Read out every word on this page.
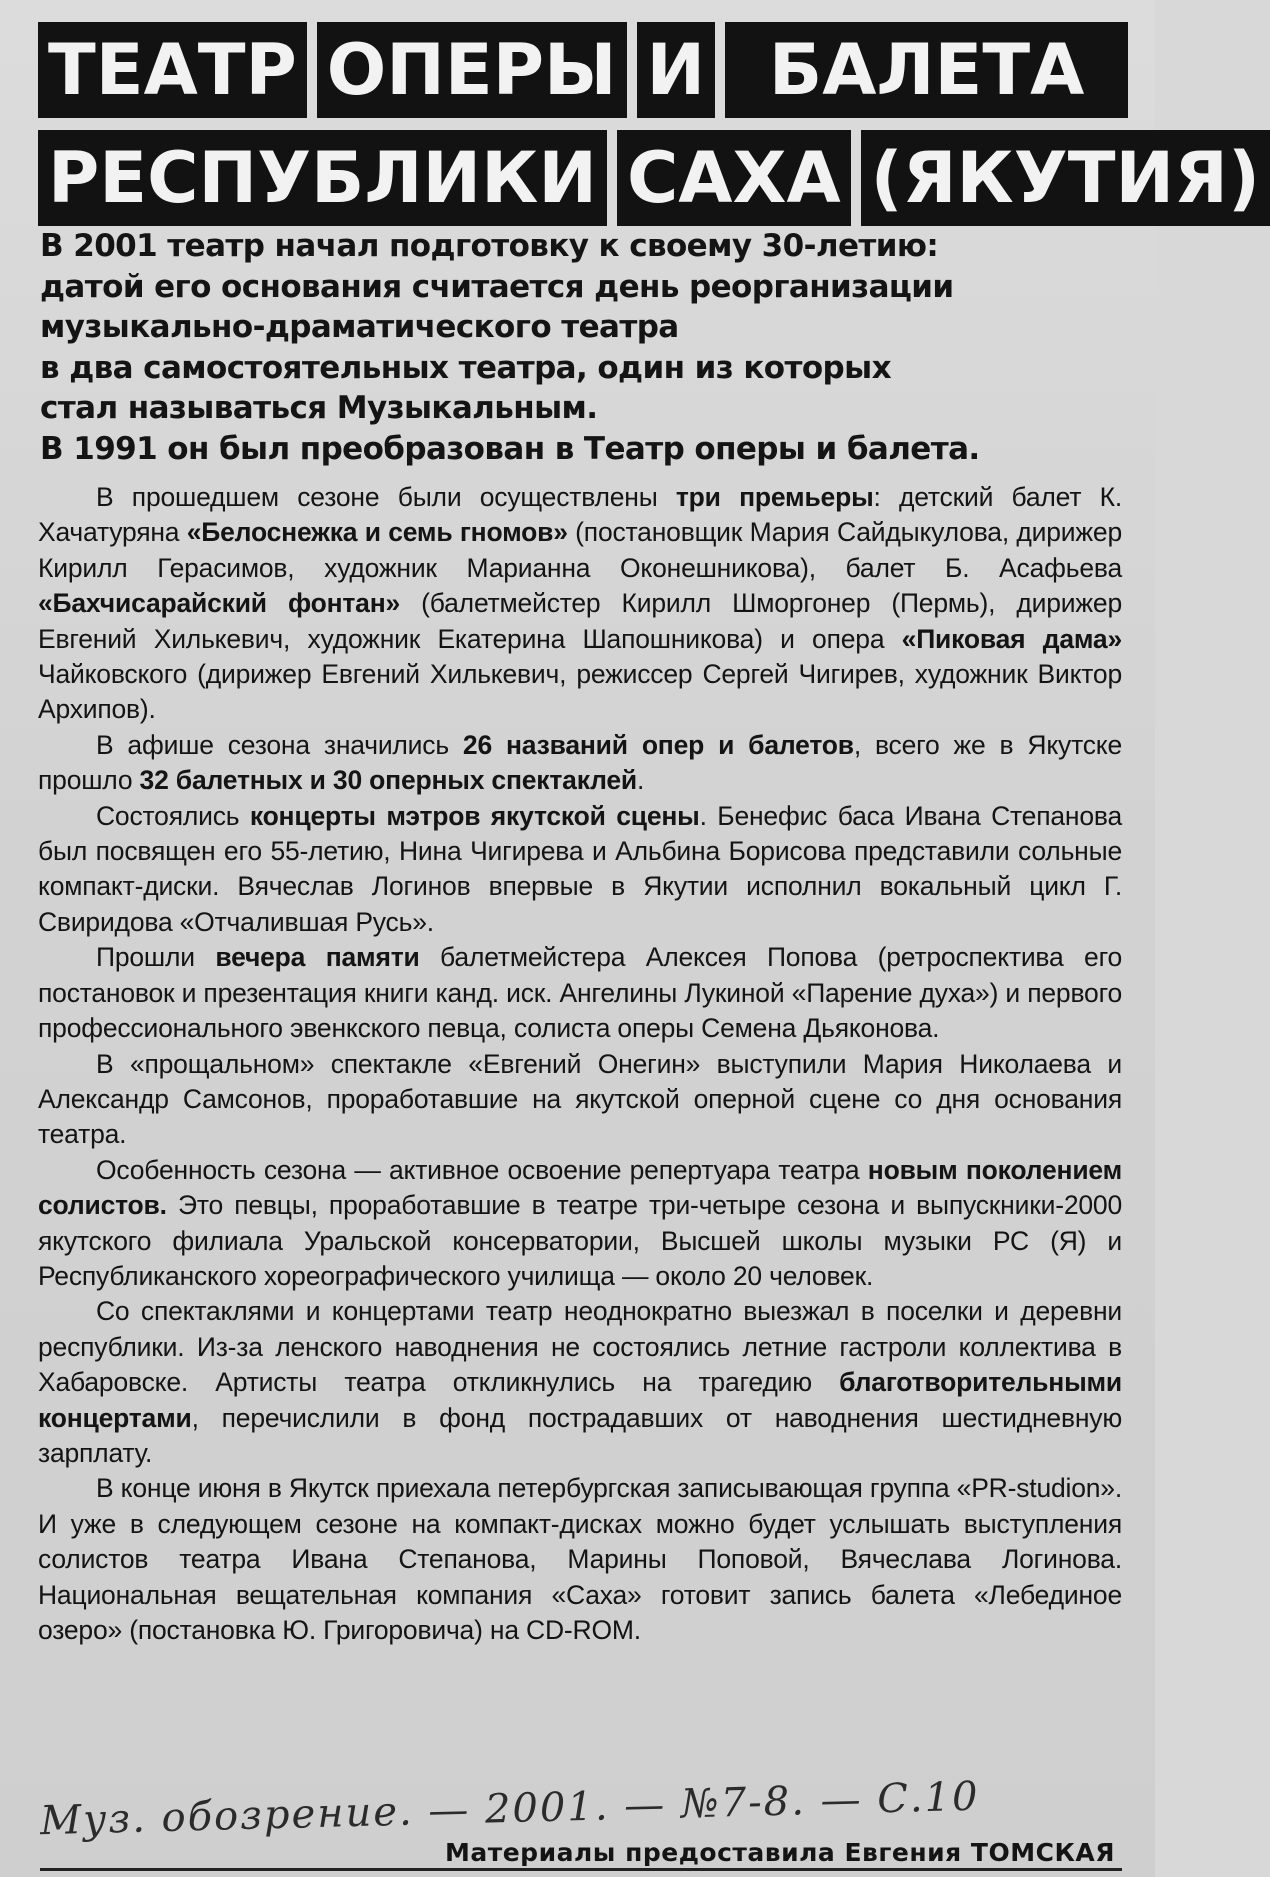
ТЕАТР ОПЕРЫ И БАЛЕТА
РЕСПУБЛИКИ САХА (ЯКУТИЯ)
В 2001 театр начал подготовку к своему 30-летию:
датой его основания считается день реорганизации
музыкально-драматического театра
в два самостоятельных театра, один из которых
стал называться Музыкальным.
В 1991 он был преобразован в Театр оперы и балета.

В прошедшем сезоне были осуществлены три премьеры: детский балет К. Хачатуряна «Белоснежка и семь гномов» (постановщик Мария Сайдыкулова, дирижер Кирилл Герасимов, художник Марианна Оконешникова), балет Б. Асафьева «Бахчисарайский фонтан» (балетмейстер Кирилл Шморгонер (Пермь), дирижер Евгений Хилькевич, художник Екатерина Шапошникова) и опера «Пиковая дама» Чайковского (дирижер Евгений Хилькевич, режиссер Сергей Чигирев, художник Виктор Архипов).

В афише сезона значились 26 названий опер и балетов, всего же в Якутске прошло 32 балетных и 30 оперных спектаклей.

Состоялись концерты мэтров якутской сцены. Бенефис баса Ивана Степанова был посвящен его 55-летию, Нина Чигирева и Альбина Борисова представили сольные компакт-диски. Вячеслав Логинов впервые в Якутии исполнил вокальный цикл Г. Свиридова «Отчалившая Русь».

Прошли вечера памяти балетмейстера Алексея Попова (ретроспектива его постановок и презентация книги канд. иск. Ангелины Лукиной «Парение духа») и первого профессионального эвенкского певца, солиста оперы Семена Дьяконова.

В «прощальном» спектакле «Евгений Онегин» выступили Мария Николаева и Александр Самсонов, проработавшие на якутской оперной сцене со дня основания театра.

Особенность сезона — активное освоение репертуара театра новым поколением солистов. Это певцы, проработавшие в театре три-четыре сезона и выпускники-2000 якутского филиала Уральской консерватории, Высшей школы музыки РС (Я) и Республиканского хореографического училища — около 20 человек.

Со спектаклями и концертами театр неоднократно выезжал в поселки и деревни республики. Из-за ленского наводнения не состоялись летние гастроли коллектива в Хабаровске. Артисты театра откликнулись на трагедию благотворительными концертами, перечислили в фонд пострадавших от наводнения шестидневную зарплату.

В конце июня в Якутск приехала петербургская записывающая группа «PR-studion». И уже в следующем сезоне на компакт-дисках можно будет услышать выступления солистов театра Ивана Степанова, Марины Поповой, Вячеслава Логинова. Национальная вещательная компания «Саха» готовит запись балета «Лебединое озеро» (постановка Ю. Григоровича) на CD-ROM.

Муз. обозрение. — 2001. — №7-8. — С.10
Материалы предоставила Евгения ТОМСКАЯ
